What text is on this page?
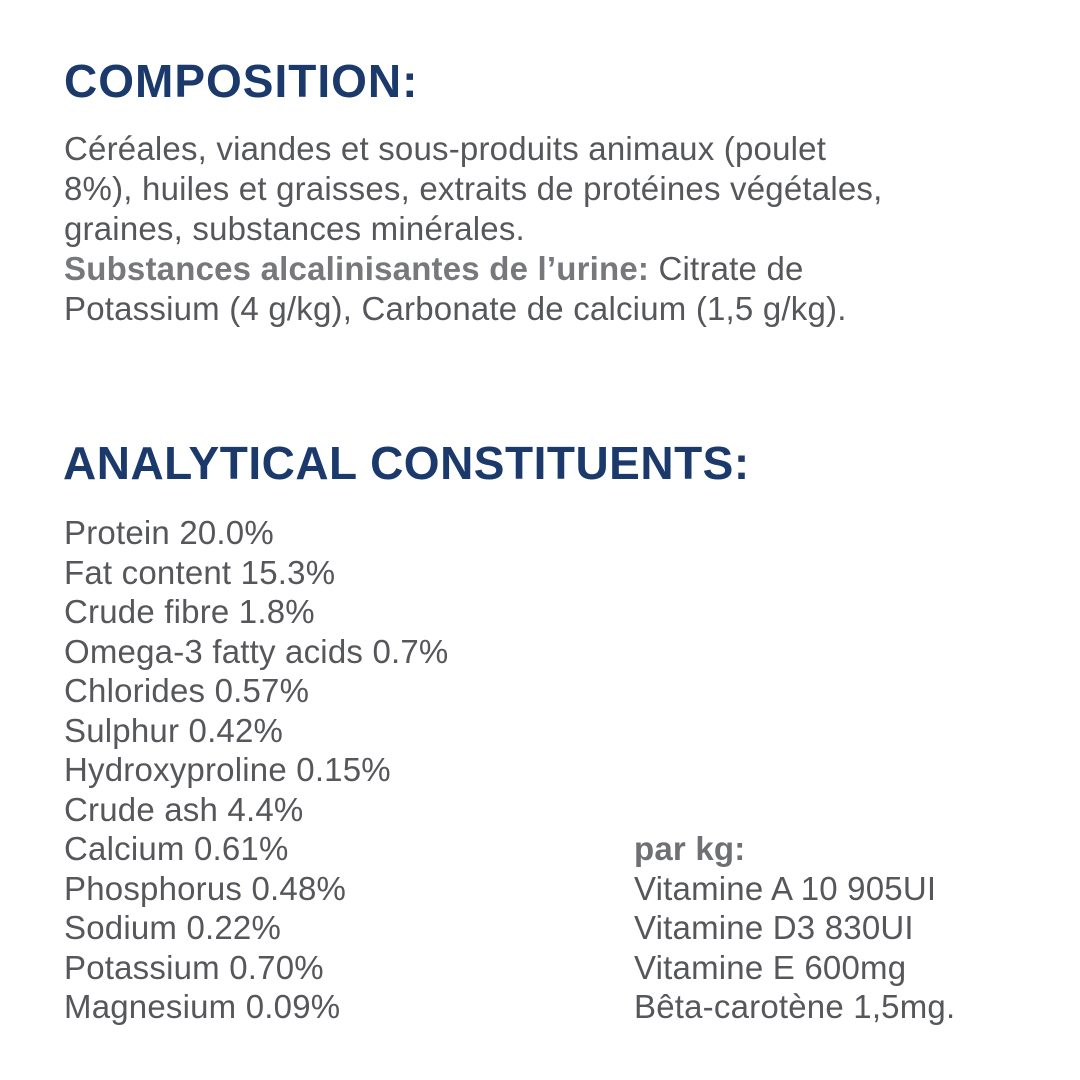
COMPOSITION:
Céréales, viandes et sous-produits animaux (poulet
8%), huiles et graisses, extraits de protéines végétales,
graines, substances minérales.
Substances alcalinisantes de l’urine: Citrate de
Potassium (4 g/kg), Carbonate de calcium (1,5 g/kg).
ANALYTICAL CONSTITUENTS:
Protein 20.0%
Fat content 15.3%
Crude fibre 1.8%
Omega-3 fatty acids 0.7%
Chlorides 0.57%
Sulphur 0.42%
Hydroxyproline 0.15%
Crude ash 4.4%
Calcium 0.61%
Phosphorus 0.48%
Sodium 0.22%
Potassium 0.70%
Magnesium 0.09%
par kg:
Vitamine A 10 905UI
Vitamine D3 830UI
Vitamine E 600mg
Bêta-carotène 1,5mg.
